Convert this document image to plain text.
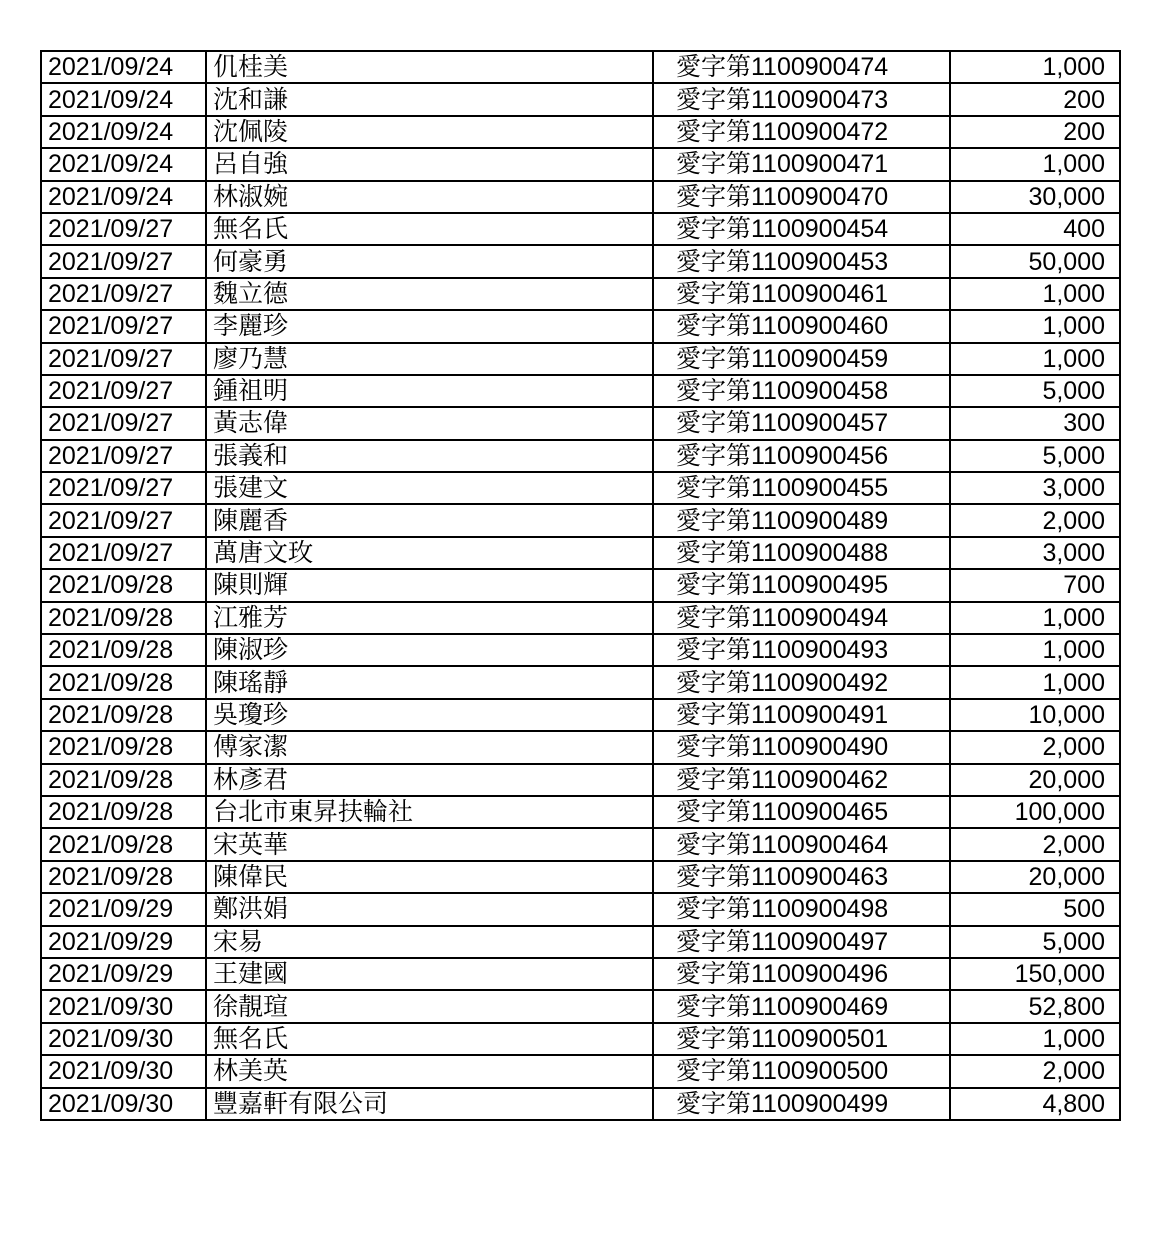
2021/09/24	仉桂美	愛字第1100900474	1,000
2021/09/24	沈和謙	愛字第1100900473	200
2021/09/24	沈佩陵	愛字第1100900472	200
2021/09/24	呂自強	愛字第1100900471	1,000
2021/09/24	林淑婉	愛字第1100900470	30,000
2021/09/27	無名氏	愛字第1100900454	400
2021/09/27	何豪勇	愛字第1100900453	50,000
2021/09/27	魏立德	愛字第1100900461	1,000
2021/09/27	李麗珍	愛字第1100900460	1,000
2021/09/27	廖乃慧	愛字第1100900459	1,000
2021/09/27	鍾祖明	愛字第1100900458	5,000
2021/09/27	黃志偉	愛字第1100900457	300
2021/09/27	張義和	愛字第1100900456	5,000
2021/09/27	張建文	愛字第1100900455	3,000
2021/09/27	陳麗香	愛字第1100900489	2,000
2021/09/27	萬唐文玫	愛字第1100900488	3,000
2021/09/28	陳則輝	愛字第1100900495	700
2021/09/28	江雅芳	愛字第1100900494	1,000
2021/09/28	陳淑珍	愛字第1100900493	1,000
2021/09/28	陳瑤靜	愛字第1100900492	1,000
2021/09/28	吳瓊珍	愛字第1100900491	10,000
2021/09/28	傅家潔	愛字第1100900490	2,000
2021/09/28	林彥君	愛字第1100900462	20,000
2021/09/28	台北市東昇扶輪社	愛字第1100900465	100,000
2021/09/28	宋英華	愛字第1100900464	2,000
2021/09/28	陳偉民	愛字第1100900463	20,000
2021/09/29	鄭洪娟	愛字第1100900498	500
2021/09/29	宋易	愛字第1100900497	5,000
2021/09/29	王建國	愛字第1100900496	150,000
2021/09/30	徐靚瑄	愛字第1100900469	52,800
2021/09/30	無名氏	愛字第1100900501	1,000
2021/09/30	林美英	愛字第1100900500	2,000
2021/09/30	豐嘉軒有限公司	愛字第1100900499	4,800
